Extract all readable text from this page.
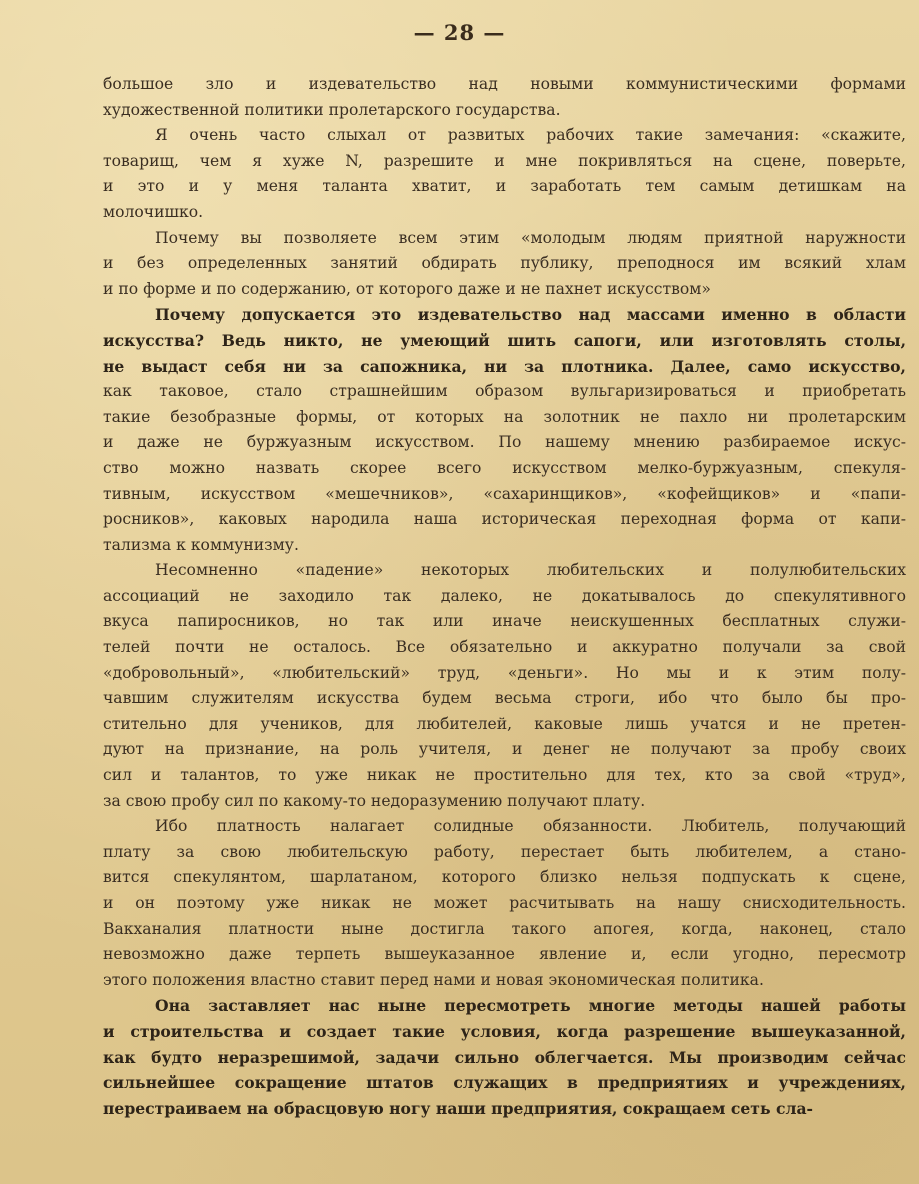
— 28 —
большое зло и издевательство над новыми коммунистическими формами
художественной политики пролетарского государства.
Я очень часто слыхал от развитых рабочих такие замечания: «скажите,
товарищ, чем я хуже N, разрешите и мне покривляться на сцене, поверьте,
и это и у меня таланта хватит, и заработать тем самым детишкам на
молочишко.
Почему вы позволяете всем этим «молодым людям приятной наружности
и без определенных занятий обдирать публику, преподнося им всякий хлам
и по форме и по содержанию, от которого даже и не пахнет искусством»
Почему допускается это издевательство над массами именно в области
искусства? Ведь никто, не умеющий шить сапоги, или изготовлять столы,
не выдаст себя ни за сапожника, ни за плотника. Далее, само искусство,
как таковое, стало страшнейшим образом вульгаризироваться и приобретать
такие безобразные формы, от которых на золотник не пахло ни пролетарским
и даже не буржуазным искусством. По нашему мнению разбираемое искус-
ство можно назвать скорее всего искусством мелко-буржуазным, спекуля-
тивным, искусством «мешечников», «сахаринщиков», «кофейщиков» и «папи-
росников», каковых народила наша историческая переходная форма от капи-
тализма к коммунизму.
Несомненно «падение» некоторых любительских и полулюбительских
ассоциаций не заходило так далеко, не докатывалось до спекулятивного
вкуса папиросников, но так или иначе неискушенных бесплатных служи-
телей почти не осталось. Все обязательно и аккуратно получали за свой
«добровольный», «любительский» труд, «деньги». Но мы и к этим полу-
чавшим служителям искусства будем весьма строги, ибо что было бы про-
стительно для учеников, для любителей, каковые лишь учатся и не претен-
дуют на признание, на роль учителя, и денег не получают за пробу своих
сил и талантов, то уже никак не простительно для тех, кто за свой «труд»,
за свою пробу сил по какому-то недоразумению получают плату.
Ибо платность налагает солидные обязанности. Любитель, получающий
плату за свою любительскую работу, перестает быть любителем, а стано-
вится спекулянтом, шарлатаном, которого близко нельзя подпускать к сцене,
и он поэтому уже никак не может расчитывать на нашу снисходительность.
Вакханалия платности ныне достигла такого апогея, когда, наконец, стало
невозможно даже терпеть вышеуказанное явление и, если угодно, пересмотр
этого положения властно ставит перед нами и новая экономическая политика.
Она заставляет нас ныне пересмотреть многие методы нашей работы
и строительства и создает такие условия, когда разрешение вышеуказанной,
как будто неразрешимой, задачи сильно облегчается. Мы производим сейчас
сильнейшее сокращение штатов служащих в предприятиях и учреждениях,
перестраиваем на обрасцовую ногу наши предприятия, сокращаем сеть сла-
